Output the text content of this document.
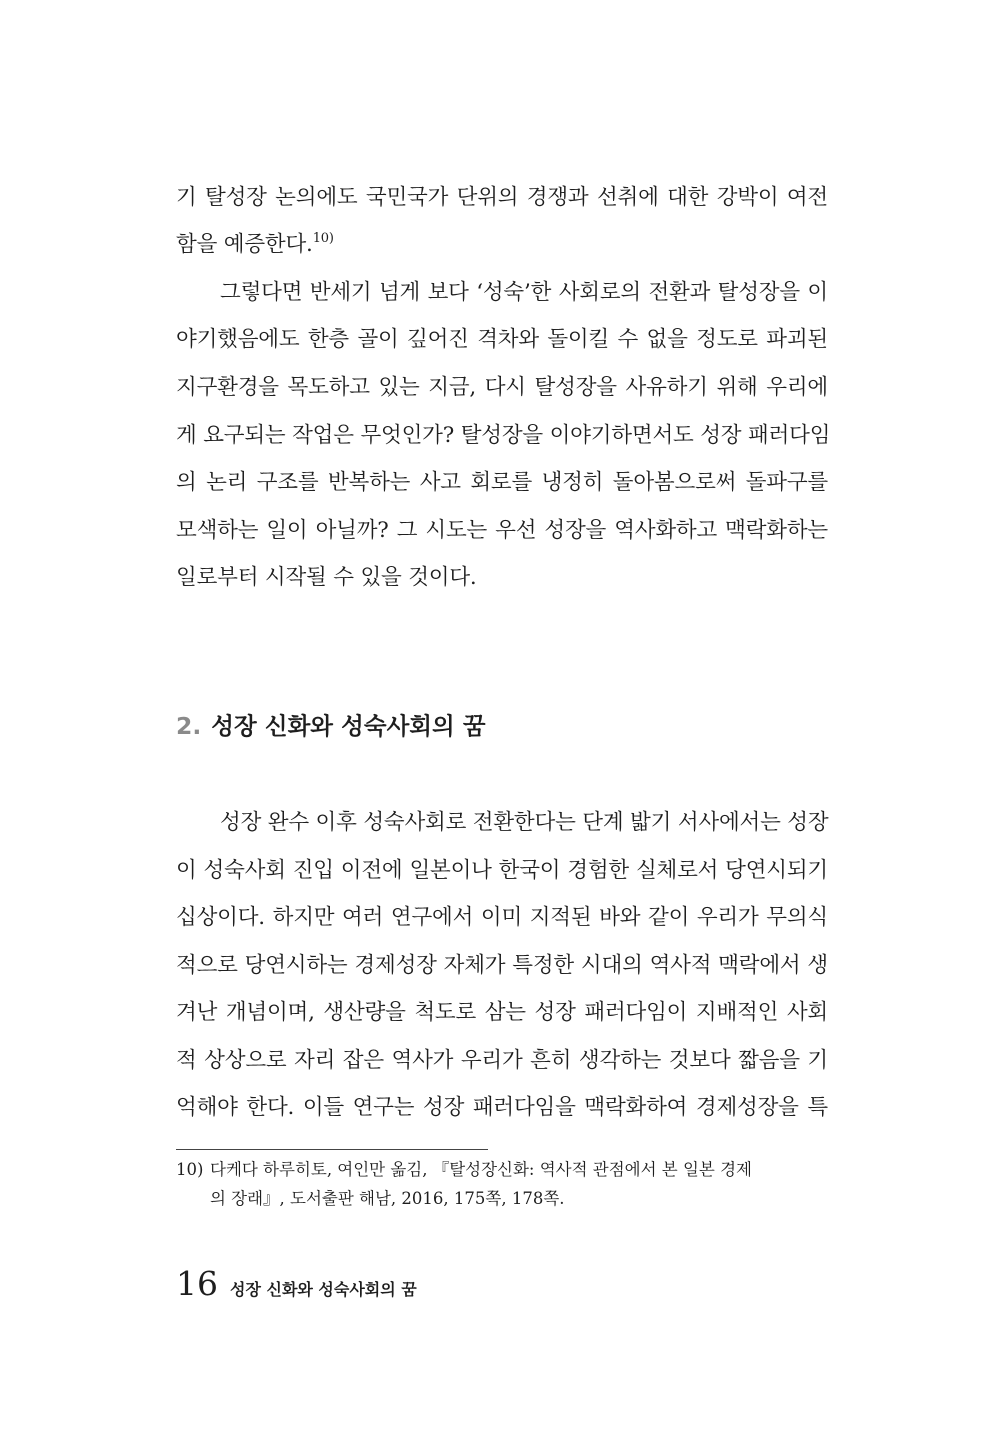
기 탈성장 논의에도 국민국가 단위의 경쟁과 선취에 대한 강박이 여전
함을 예증한다.$^{10)}$
그렇다면 반세기 넘게 보다 ‘성숙’한 사회로의 전환과 탈성장을 이
야기했음에도 한층 골이 깊어진 격차와 돌이킬 수 없을 정도로 파괴된
지구환경을 목도하고 있는 지금, 다시 탈성장을 사유하기 위해 우리에
게 요구되는 작업은 무엇인가? 탈성장을 이야기하면서도 성장 패러다임
의 논리 구조를 반복하는 사고 회로를 냉정히 돌아봄으로써 돌파구를
모색하는 일이 아닐까? 그 시도는 우선 성장을 역사화하고 맥락화하는
일로부터 시작될 수 있을 것이다.
2. 성장 신화와 성숙사회의 꿈
성장 완수 이후 성숙사회로 전환한다는 단계 밟기 서사에서는 성장
이 성숙사회 진입 이전에 일본이나 한국이 경험한 실체로서 당연시되기
십상이다. 하지만 여러 연구에서 이미 지적된 바와 같이 우리가 무의식
적으로 당연시하는 경제성장 자체가 특정한 시대의 역사적 맥락에서 생
겨난 개념이며, 생산량을 척도로 삼는 성장 패러다임이 지배적인 사회
적 상상으로 자리 잡은 역사가 우리가 흔히 생각하는 것보다 짧음을 기
억해야 한다. 이들 연구는 성장 패러다임을 맥락화하여 경제성장을 특
10) 다케다 하루히토, 여인만 옮김, 『탈성장신화: 역사적 관점에서 본 일본 경제
의 장래』, 도서출판 해남, 2016, 175쪽, 178쪽.
16 성장 신화와 성숙사회의 꿈
